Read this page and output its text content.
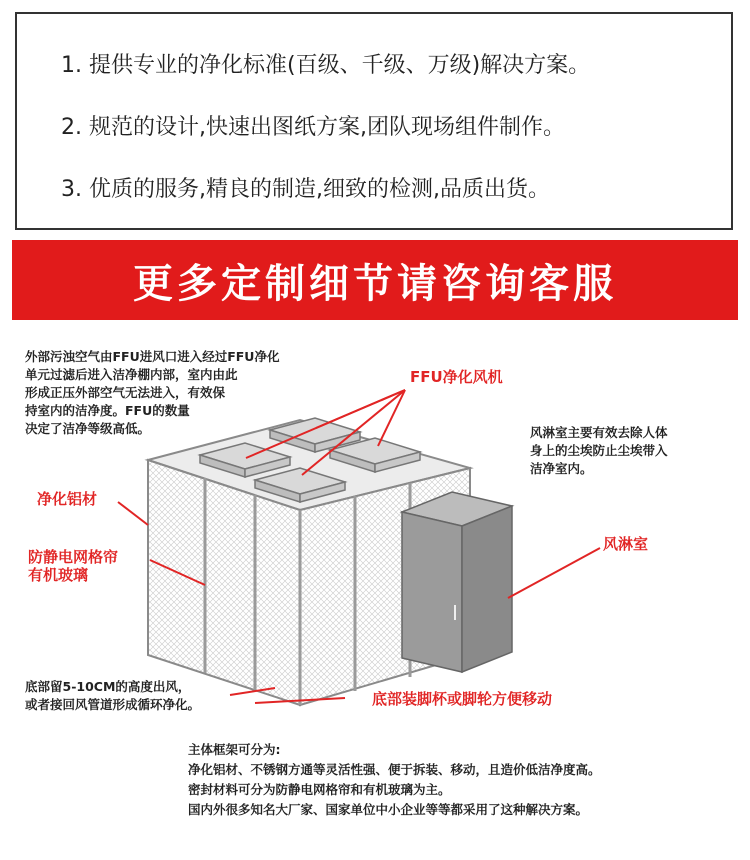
1. 提供专业的净化标准(百级、千级、万级)解决方案。
2. 规范的设计,快速出图纸方案,团队现场组件制作。
3. 优质的服务,精良的制造,细致的检测,品质出货。
更多定制细节请咨询客服
外部污浊空气由FFU进风口进入经过FFU净化
单元过滤后进入洁净棚内部，室内由此
形成正压外部空气无法进入，有效保
持室内的洁净度。FFU的数量
决定了洁净等级高低。
FFU净化风机
风淋室主要有效去除人体
身上的尘埃防止尘埃带入
洁净室内。
净化铝材
防静电网格帘
有机玻璃
风淋室
底部留5-10CM的高度出风，
或者接回风管道形成循环净化。	底部装脚杯或脚轮方便移动
主体框架可分为:
净化铝材、不锈钢方通等灵活性强、便于拆装、移动，且造价低洁净度高。
密封材料可分为防静电网格帘和有机玻璃为主。
国内外很多知名大厂家、国家单位中小企业等等都采用了这种解决方案。
